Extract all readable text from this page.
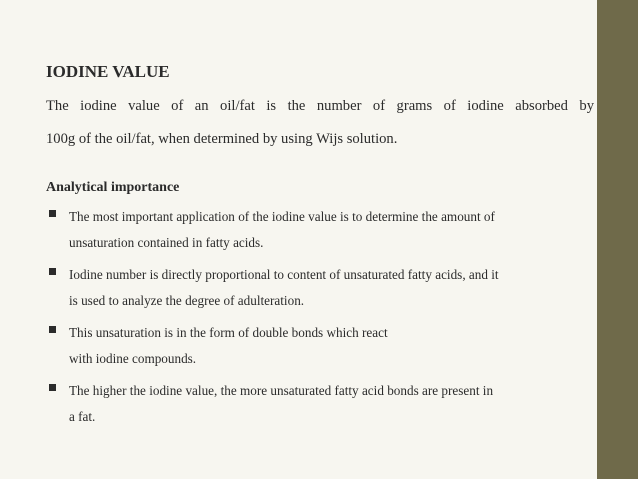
IODINE VALUE
The iodine value of an oil/fat is the number of grams of iodine absorbed by
100g of the oil/fat, when determined by using Wijs solution.
Analytical importance
The most important application of the iodine value is to determine the amount of
unsaturation contained in fatty acids.
Iodine number is directly proportional to content of unsaturated fatty acids, and it
is used to analyze the degree of adulteration.
This unsaturation is in the form of double bonds which react
with iodine compounds.
The higher the iodine value, the more unsaturated fatty acid bonds are present in
a fat.
